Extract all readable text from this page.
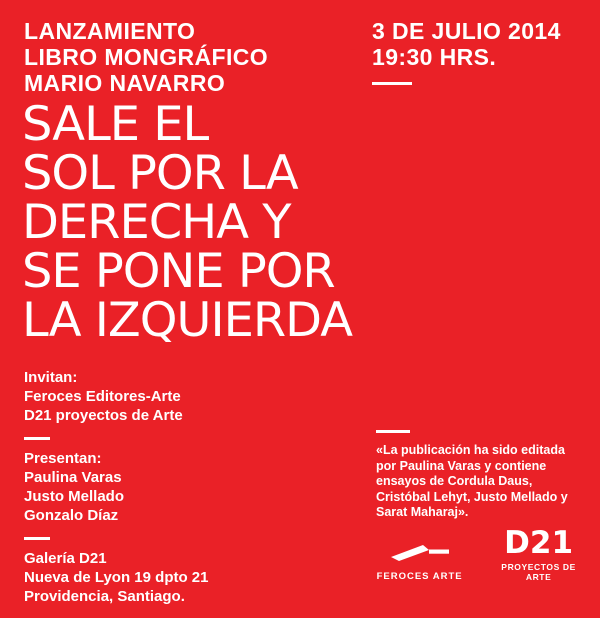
LANZAMIENTO
LIBRO MONGRÁFICO
MARIO NAVARRO
3 DE JULIO 2014
19:30 HRS.
SALE EL
SOL POR LA
DERECHA Y
SE PONE POR
LA IZQUIERDA
Invitan:
Feroces Editores-Arte
D21 proyectos de Arte
Presentan:
Paulina Varas
Justo Mellado
Gonzalo Díaz
Galería D21
Nueva de Lyon 19 dpto 21
Providencia, Santiago.

«La publicación ha sido editada por Paulina Varas y contiene ensayos de Cordula Daus, Cristóbal Lehyt, Justo Mellado y Sarat Maharaj».

FEROCES ARTE
D21
PROYECTOS DE ARTE
